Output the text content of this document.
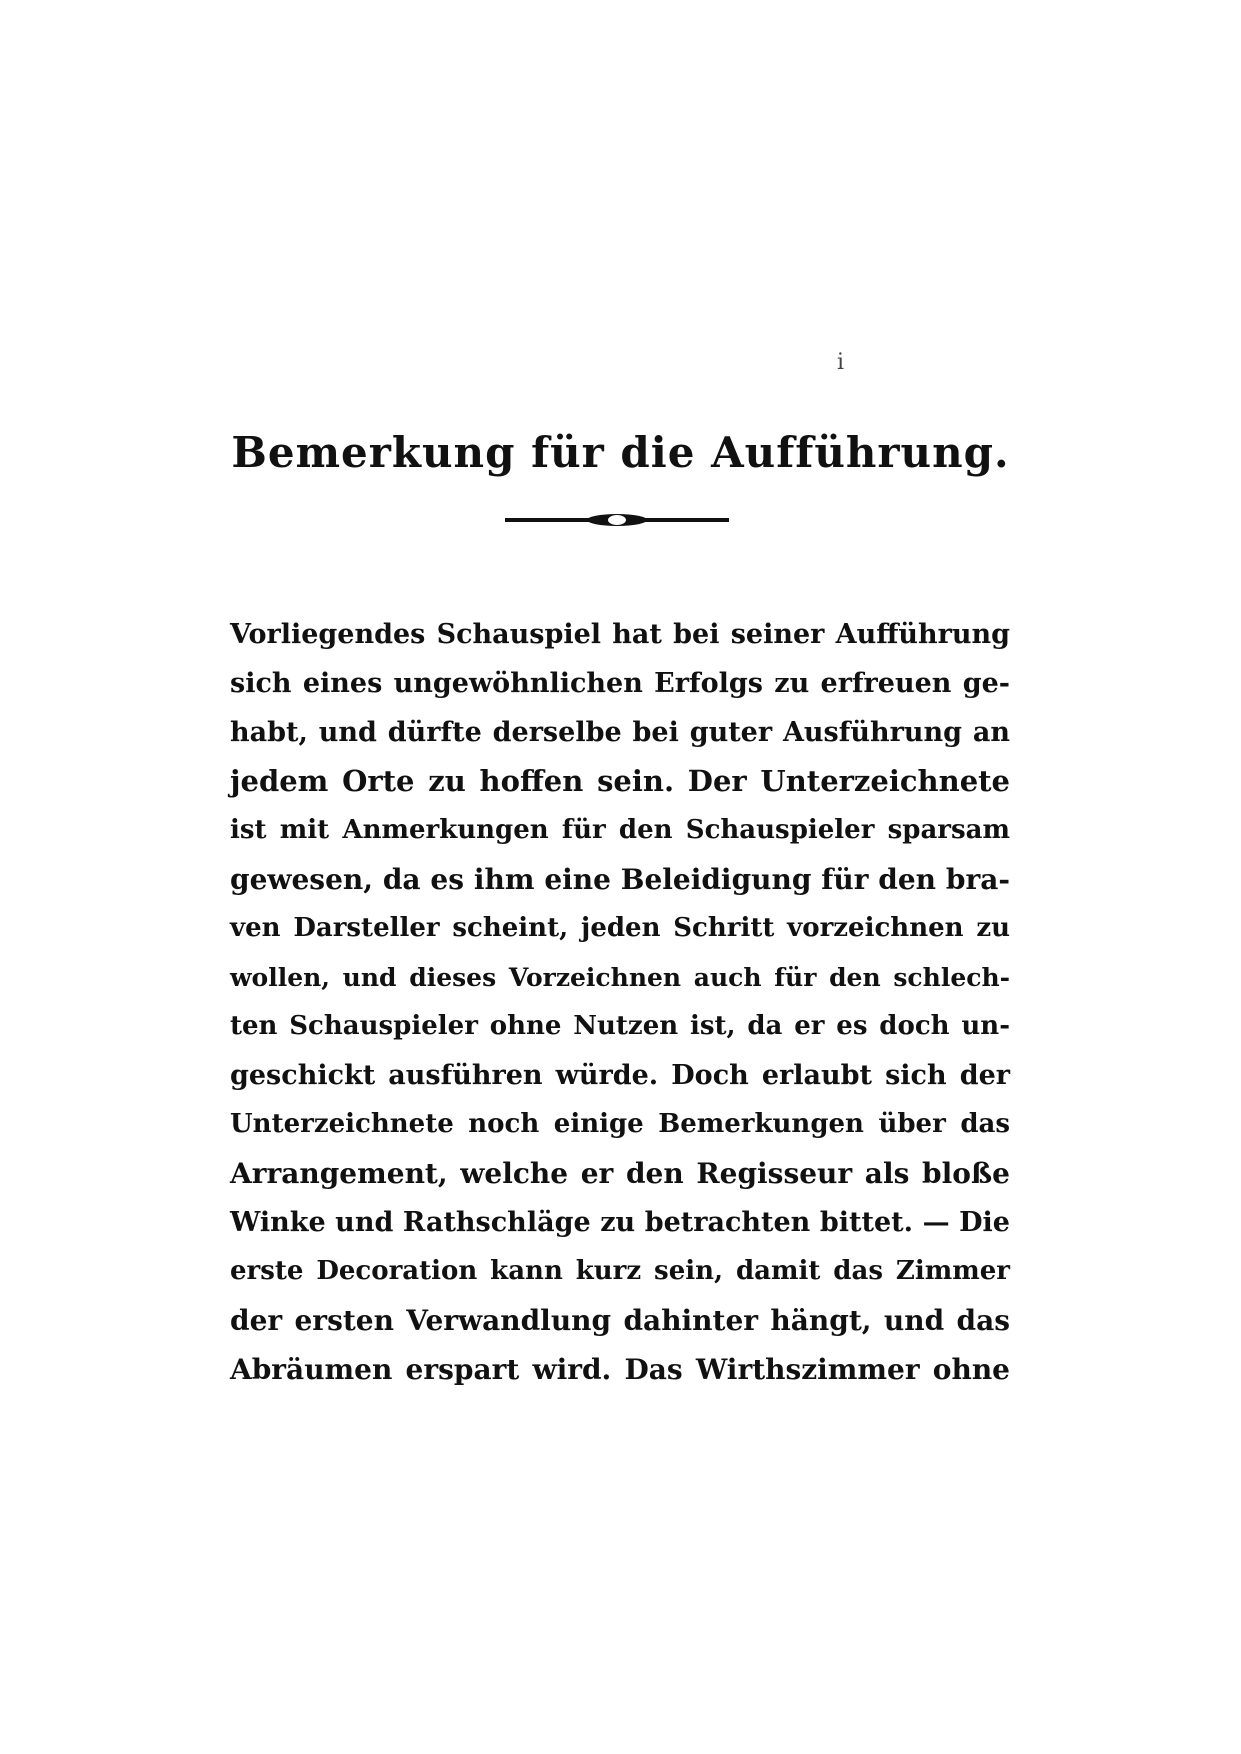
i
Bemerkung für die Aufführung.
Vorliegendes Schauspiel hat bei seiner Aufführung
sich eines ungewöhnlichen Erfolgs zu erfreuen ge-
habt, und dürfte derselbe bei guter Ausführung an
jedem Orte zu hoffen sein. Der Unterzeichnete
ist mit Anmerkungen für den Schauspieler sparsam
gewesen, da es ihm eine Beleidigung für den bra-
ven Darsteller scheint, jeden Schritt vorzeichnen zu
wollen, und dieses Vorzeichnen auch für den schlech-
ten Schauspieler ohne Nutzen ist, da er es doch un-
geschickt ausführen würde. Doch erlaubt sich der
Unterzeichnete noch einige Bemerkungen über das
Arrangement, welche er den Regisseur als bloße
Winke und Rathschläge zu betrachten bittet. — Die
erste Decoration kann kurz sein, damit das Zimmer
der ersten Verwandlung dahinter hängt, und das
Abräumen erspart wird. Das Wirthszimmer ohne
